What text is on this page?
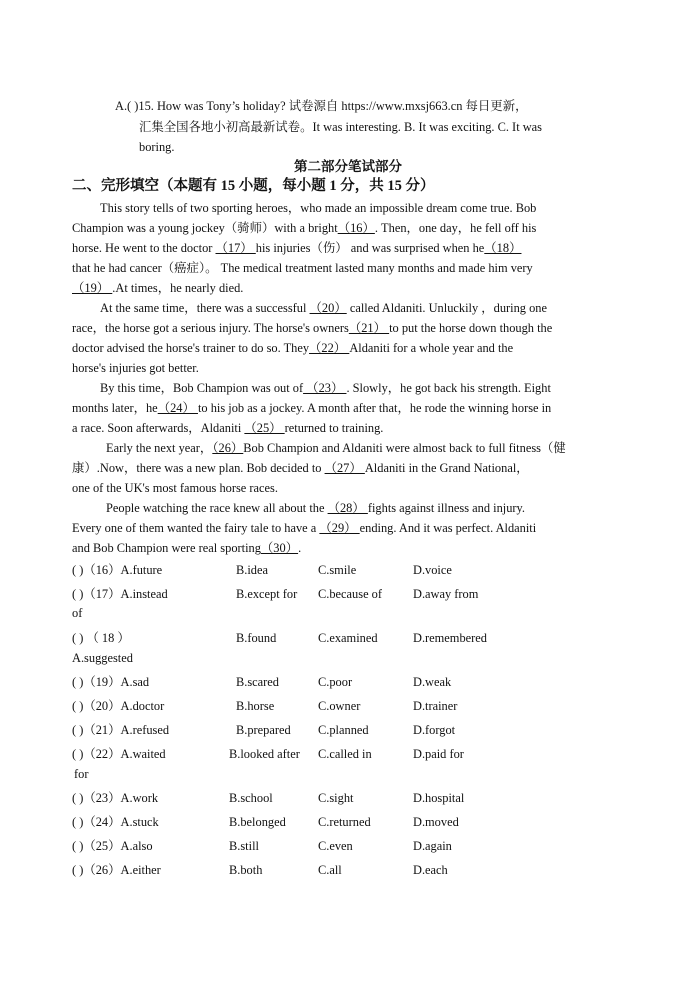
A.( )15. How was Tony’s holiday? 试卷源自 https://www.mxsj663.cn 每日更新，
汇集全国各地小初高最新试卷。It was interesting. B. It was exciting. C. It was
boring.
第二部分笔试部分
二、完形填空（本题有 15 小题，每小题 1 分，共 15 分）
This story tells of two sporting heroes，who made an impossible dream come true. Bob
Champion was a young jockey（骑师）with a bright（16）. Then，one day，he fell off his
horse. He went to the doctor （17） his injuries（伤） and was surprised when he（18）
that he had cancer（癌症）。 The medical treatment lasted many months and made him very
（19） .At times，he nearly died.
At the same time，there was a successful （20） called Aldaniti. Unluckily ，during one
race，the horse got a serious injury. The horse's owners（21） to put the horse down though the
doctor advised the horse's trainer to do so. They（22） Aldaniti for a whole year and the
horse's injuries got better.
By this time，Bob Champion was out of （23） . Slowly，he got back his strength. Eight
months later，he（24） to his job as a jockey. A month after that，he rode the winning horse in
a race. Soon afterwards，Aldaniti （25） returned to training.
Early the next year，（26）Bob Champion and Aldaniti were almost back to full fitness（健
康）.Now，there was a new plan. Bob decided to （27） Aldaniti in the Grand National，
one of the UK's most famous horse races.
People watching the race knew all about the （28） fights against illness and injury.
Every one of them wanted the fairy tale to have a （29） ending. And it was perfect. Aldaniti
and Bob Champion were real sporting（30）.
( )（16）A.future	B.idea	C.smile	D.voice
( )（17）A.instead	B.except for C.because of	D.away from
of
( ) （ 18 ）	B.found	C.examined	D.remembered
A.suggested
( )（19）A.sad	B.scared	C.poor	D.weak
( )（20）A.doctor	B.horse	C.owner	D.trainer
( )（21）A.refused	B.prepared C.planned	D.forgot
( )（22）A.waited	B.looked after C.called in	D.paid for
for
( )（23）A.work	B.school	C.sight	D.hospital
( )（24）A.stuck	B.belonged	C.returned	D.moved
( )（25）A.also	B.still	C.even	D.again
( )（26）A.either	B.both	C.all	D.each
